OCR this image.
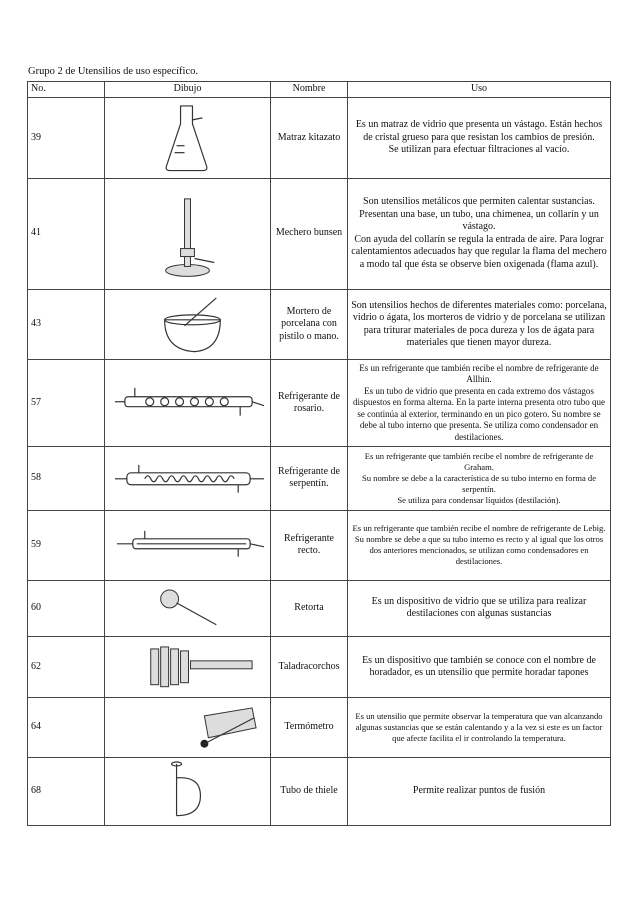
Grupo 2 de Utensilios de uso específico.
No.	Dibujo	Nombre	Uso
39		Matraz kitazato	Es un matraz de vidrio que presenta un vástago. Están hechos de cristal grueso para que resistan los cambios de presión.
Se utilizan para efectuar filtraciones al vacío.

41		Mechero bunsen	Son utensilios metálicos que permiten calentar sustancias.
Presentan una base, un tubo, una chimenea, un collarín y un vástago.
Con ayuda del collarín se regula la entrada de aire. Para lograr calentamientos adecuados hay que regular la flama del mechero a modo tal que ésta se observe bien oxigenada (flama azul).

43		Mortero de porcelana con pistilo o mano.	Son utensilios hechos de diferentes materiales como: porcelana, vidrio o ágata, los morteros de vidrio y de porcelana se utilizan para triturar materiales de poca dureza y los de ágata para materiales que tienen mayor dureza.

57		Refrigerante de rosario.	Es un refrigerante que también recibe el nombre de refrigerante de Allhin.
Es un tubo de vidrio que presenta en cada extremo dos vástagos dispuestos en forma alterna. En la parte interna presenta otro tubo que se continúa al exterior, terminando en un pico gotero. Su nombre se debe al tubo interno que presenta. Se utiliza como condensador en destilaciones.

58		Refrigerante de serpentín.	Es un refrigerante que también recibe el nombre de refrigerante de Graham.
Su nombre se debe a la característica de su tubo interno en forma de serpentín.
Se utiliza para condensar líquidos (destilación).

59		Refrigerante recto.	Es un refrigerante que también recibe el nombre de refrigerante de Lebig. Su nombre se debe a que su tubo interno es recto y al igual que los otros dos anteriores mencionados, se utilizan como condensadores en destilaciones.

60		Retorta	Es un dispositivo de vidrio que se utiliza para realizar destilaciones con algunas sustancias

62		Taladracorchos	Es un dispositivo que también se conoce con el nombre de horadador, es un utensilio que permite horadar tapones

64		Termómetro	Es un utensilio que permite observar la temperatura que van alcanzando algunas sustancias que se están calentando y a la vez si este es un factor que afecte facilita el ir controlando la temperatura.

68		Tubo de thiele	Permite realizar puntos de fusión
